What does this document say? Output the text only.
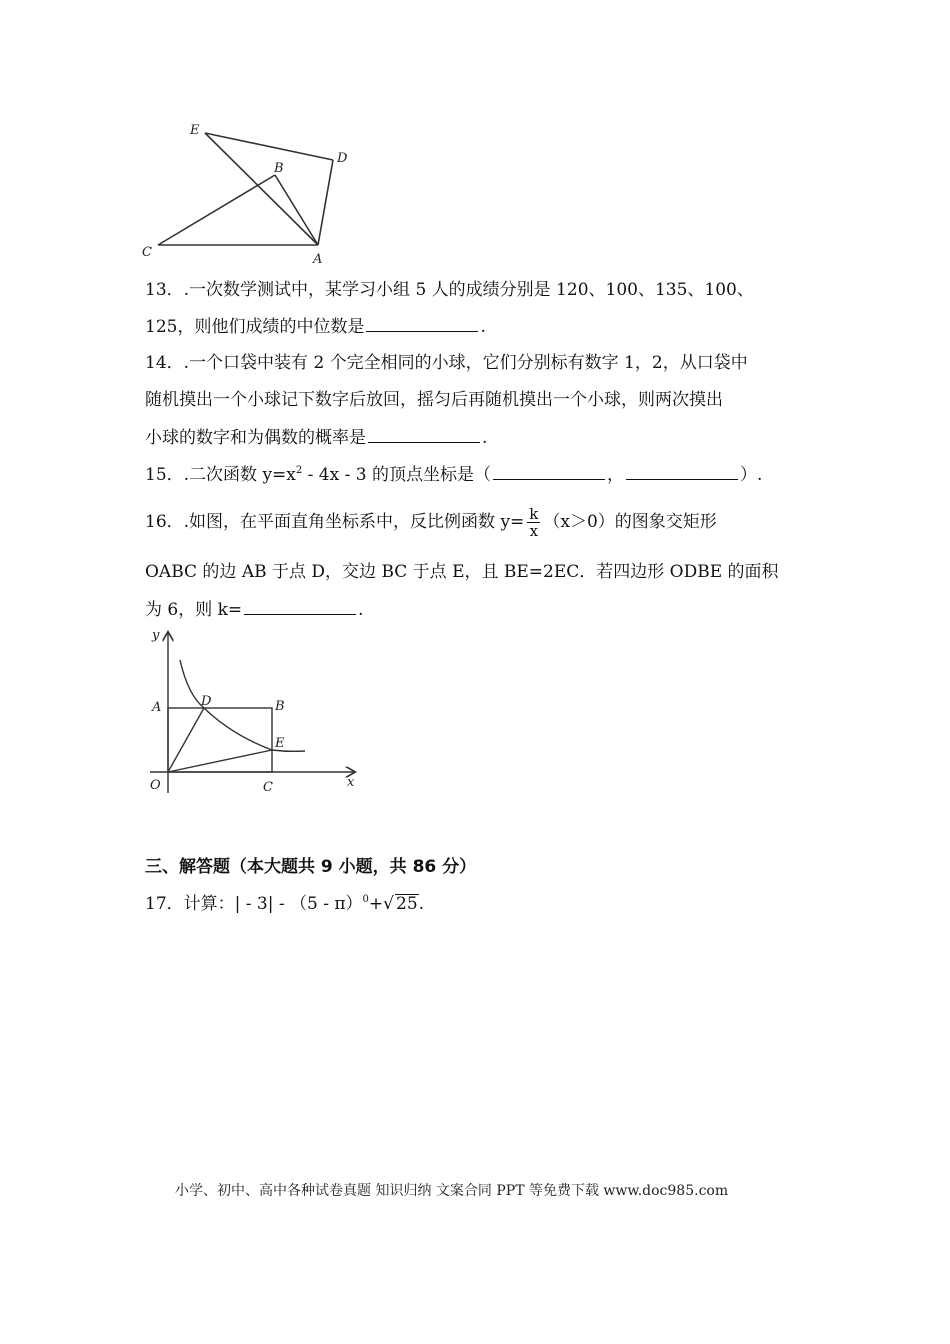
E
B
D
C	A
13．.一次数学测试中，某学习小组 5 人的成绩分别是 120、100、135、100、
125，则他们成绩的中位数是	.
14．.一个口袋中装有 2 个完全相同的小球，它们分别标有数字 1，2，从口袋中
随机摸出一个小球记下数字后放回，摇匀后再随机摸出一个小球，则两次摸出
小球的数字和为偶数的概率是	.
15．.二次函数 $y=x^2 - 4x - 3$ 的顶点坐标是（	，	）.
16．.如图，在平面直角坐标系中，反比例函数 $y= \frac{k}{x} (x>0)$的图象交矩形
OABC 的边 AB 于点 D，交边 BC 于点 E，且 BE=2EC．若四边形 ODBE 的面积
为 6，则 k=	.
y
x
O
A	D	B
E
C
三、解答题（本大题共 9 小题，共 86 分）
17．计算：| - 3| - （5 - π）$^0$+√ 25.
小学、初中、高中各种试卷真题 知识归纳 文案合同 PPT 等免费下载 www.doc985.com
